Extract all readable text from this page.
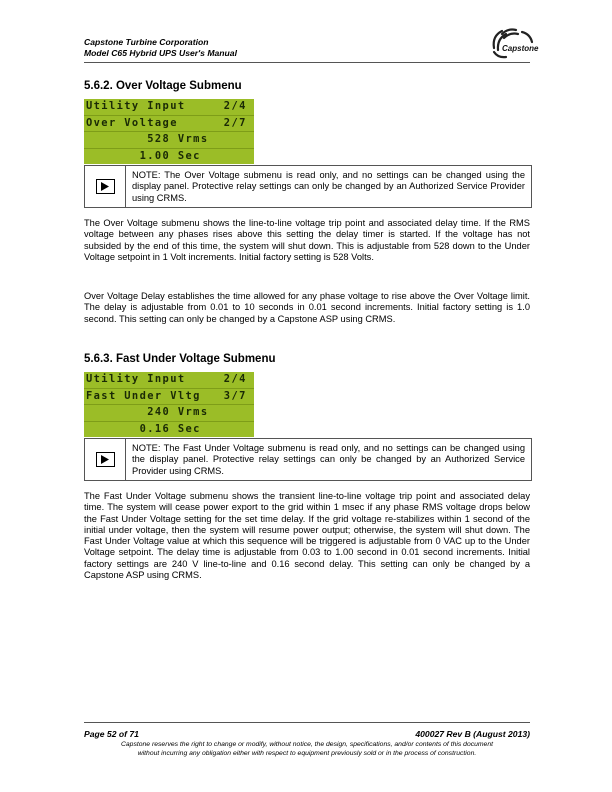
Capstone Turbine Corporation
Model C65 Hybrid UPS User's Manual	Capstone
5.6.2. Over Voltage Submenu
Utility Input     2/4
Over Voltage      2/7
528 Vrms
1.00 Sec
NOTE: The Over Voltage submenu is read only, and no settings can be changed using the display panel. Protective relay settings can only be changed by an Authorized Service Provider using CRMS.

The Over Voltage submenu shows the line-to-line voltage trip point and associated delay time. If the RMS voltage between any phases rises above this setting the delay timer is started. If the voltage has not subsided by the end of this time, the system will shut down. This is adjustable from 528 down to the Under Voltage setpoint in 1 Volt increments. Initial factory setting is 528 Volts.

Over Voltage Delay establishes the time allowed for any phase voltage to rise above the Over Voltage limit. The delay is adjustable from 0.01 to 10 seconds in 0.01 second increments. Initial factory setting is 1.0 second. This setting can only be changed by a Capstone ASP using CRMS.

5.6.3. Fast Under Voltage Submenu
Utility Input     2/4
Fast Under Vltg   3/7
240 Vrms
0.16 Sec
NOTE: The Fast Under Voltage submenu is read only, and no settings can be changed using the display panel. Protective relay settings can only be changed by an Authorized Service Provider using CRMS.

The Fast Under Voltage submenu shows the transient line-to-line voltage trip point and associated delay time. The system will cease power export to the grid within 1 msec if any phase RMS voltage drops below the Fast Under Voltage setting for the set time delay. If the grid voltage re-stabilizes within 1 second of the initial under voltage, then the system will resume power output; otherwise, the system will shut down. The Fast Under Voltage value at which this sequence will be triggered is adjustable from 0 VAC up to the Under Voltage setpoint. The delay time is adjustable from 0.03 to 1.00 second in 0.01 second increments. Initial factory settings are 240 V line-to-line and 0.16 second delay. This setting can only be changed by a Capstone ASP using CRMS.

Page 52 of 71	400027 Rev B (August 2013)
Capstone reserves the right to change or modify, without notice, the design, specifications, and/or contents of this document
without incurring any obligation either with respect to equipment previously sold or in the process of construction.
